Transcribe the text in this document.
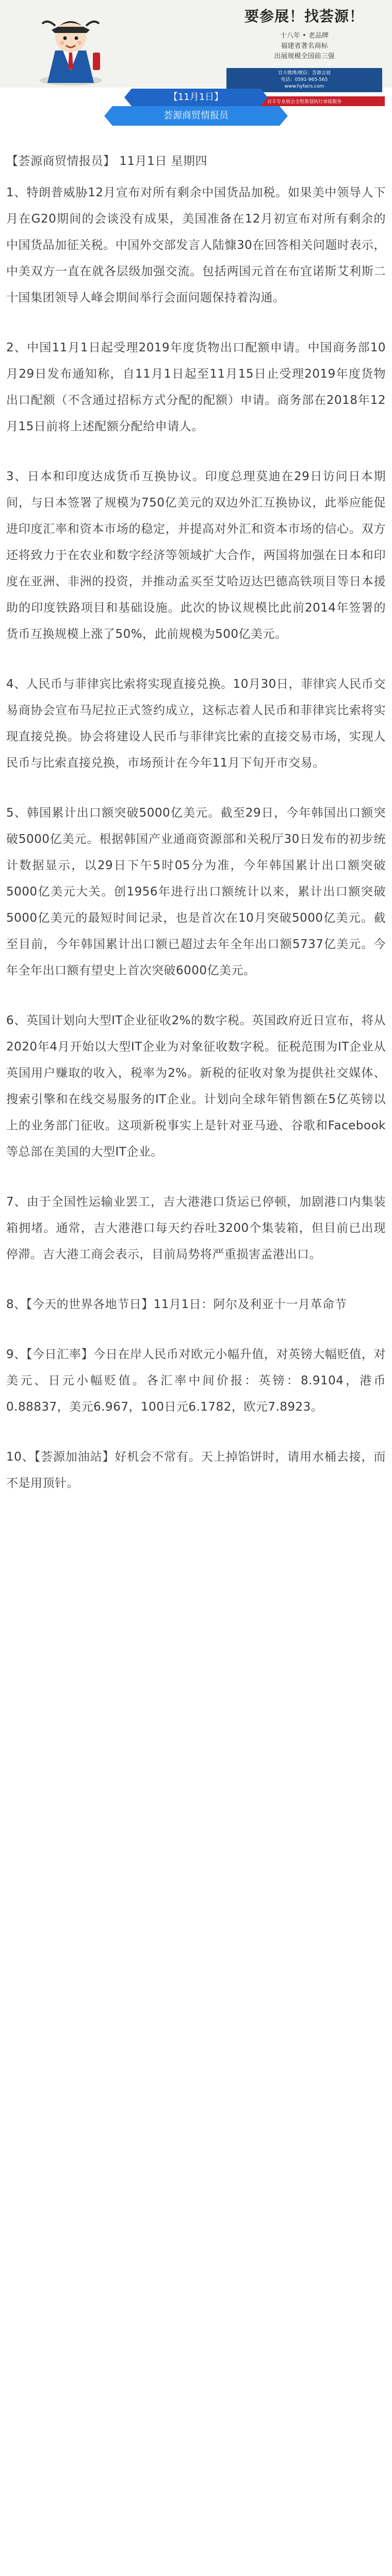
要参展！找荟源！
十八年 • 老品牌
福建省著名商标
出展规模全国前三强
官方微博/微信：荟源会展
电话：0591-965-565
www.hyfairs.com
百丰专业展会全程策划执行承接服务
【11月1日】
荟源商贸情报员

【荟源商贸情报员】 11月1日 星期四

1、特朗普威胁12月宣布对所有剩余中国货品加税。如果美中领导人下月在G20期间的会谈没有成果，美国准备在12月初宣布对所有剩余的中国货品加征关税。中国外交部发言人陆慷30在回答相关问题时表示，中美双方一直在就各层级加强交流。包括两国元首在布宜诺斯艾利斯二十国集团领导人峰会期间举行会面问题保持着沟通。

2、中国11月1日起受理2019年度货物出口配额申请。中国商务部10月29日发布通知称，自11月1日起至11月15日止受理2019年度货物出口配额（不含通过招标方式分配的配额）申请。商务部在2018年12月15日前将上述配额分配给申请人。

3、日本和印度达成货币互换协议。印度总理莫迪在29日访问日本期间，与日本签署了规模为750亿美元的双边外汇互换协议，此举应能促进印度汇率和资本市场的稳定，并提高对外汇和资本市场的信心。双方还将致力于在农业和数字经济等领域扩大合作，两国将加强在日本和印度在亚洲、非洲的投资，并推动孟买至艾哈迈达巴德高铁项目等日本援助的印度铁路项目和基础设施。此次的协议规模比此前2014年签署的货币互换规模上涨了50%，此前规模为500亿美元。

4、人民币与菲律宾比索将实现直接兑换。10月30日，菲律宾人民币交易商协会宣布马尼拉正式签约成立，这标志着人民币和菲律宾比索将实现直接兑换。协会将建设人民币与菲律宾比索的直接交易市场，实现人民币与比索直接兑换，市场预计在今年11月下旬开市交易。

5、韩国累计出口额突破5000亿美元。截至29日，今年韩国出口额突破5000亿美元。根据韩国产业通商资源部和关税厅30日发布的初步统计数据显示，以29日下午5时05分为准，今年韩国累计出口额突破5000亿美元大关。创1956年进行出口额统计以来，累计出口额突破5000亿美元的最短时间记录，也是首次在10月突破5000亿美元。截至目前，今年韩国累计出口额已超过去年全年出口额5737亿美元。今年全年出口额有望史上首次突破6000亿美元。

6、英国计划向大型IT企业征收2%的数字税。英国政府近日宣布，将从2020年4月开始以大型IT企业为对象征收数字税。征税范围为IT企业从英国用户赚取的收入，税率为2%。新税的征收对象为提供社交媒体、搜索引擎和在线交易服务的IT企业。计划向全球年销售额在5亿英镑以上的业务部门征收。这项新税事实上是针对亚马逊、谷歌和Facebook等总部在美国的大型IT企业。

7、由于全国性运输业罢工，吉大港港口货运已停顿，加剧港口内集装箱拥堵。通常，吉大港港口每天约吞吐3200个集装箱，但目前已出现停滞。吉大港工商会表示，目前局势将严重损害孟港出口。

8、【今天的世界各地节日】11月1日：阿尔及利亚十一月革命节

9、【今日汇率】今日在岸人民币对欧元小幅升值，对英镑大幅贬值，对美元、日元小幅贬值。各汇率中间价报：英镑：8.9104，港币0.88837，美元6.967，100日元6.1782，欧元7.8923。

10、【荟源加油站】好机会不常有。天上掉馅饼时，请用水桶去接，而不是用顶针。
